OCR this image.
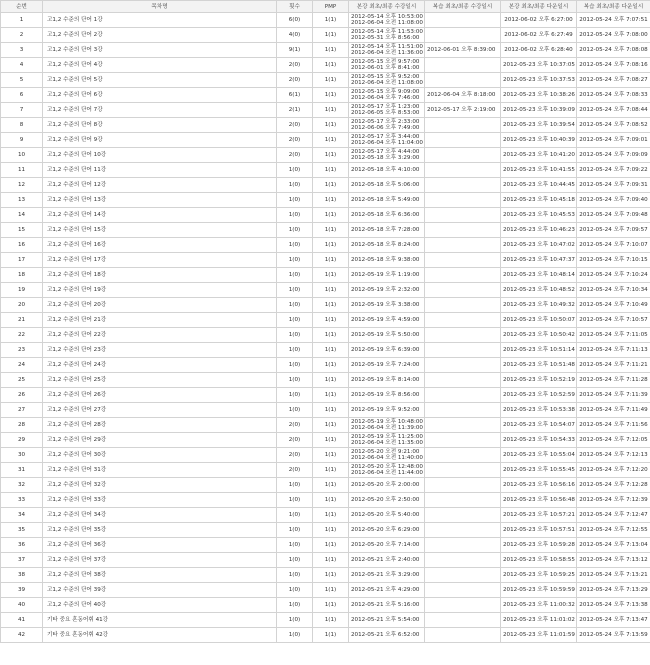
순번	목차명	횟수	PMP	본강 최초/최종 수강일시	복습 최초/최종 수강일시	본강 최초/최종 다운일시	복습 최초/최종 다운일시
1	고1,2 수준의 단어 1강	6(0)	1(1)	2012-05-14 오후 10:53:00
2012-06-04 오전 11:08:00		2012-06-02 오후 6:27:00	2012-05-24 오후 7:07:51
2	고1,2 수준의 단어 2강	4(0)	1(1)	2012-05-14 오후 11:53:00
2012-05-31 오후 8:56:00		2012-06-02 오후 6:27:49	2012-05-24 오후 7:08:00
3	고1,2 수준의 단어 3강	9(1)	1(1)	2012-05-14 오후 11:51:00
2012-06-04 오전 11:36:00	2012-06-01 오후 8:39:00	2012-06-02 오후 6:28:40	2012-05-24 오후 7:08:08
4	고1,2 수준의 단어 4강	2(0)	1(1)	2012-05-15 오전 9:57:00
2012-06-01 오후 8:41:00		2012-05-23 오후 10:37:05	2012-05-24 오후 7:08:16
5	고1,2 수준의 단어 5강	2(0)	1(1)	2012-05-15 오후 9:52:00
2012-06-04 오전 11:08:00		2012-05-23 오후 10:37:53	2012-05-24 오후 7:08:27
6	고1,2 수준의 단어 6강	6(1)	1(1)	2012-05-15 오후 9:09:00
2012-06-04 오후 7:46:00	2012-06-04 오후 8:18:00	2012-05-23 오후 10:38:26	2012-05-24 오후 7:08:33
7	고1,2 수준의 단어 7강	2(1)	1(1)	2012-05-17 오후 1:23:00
2012-06-05 오후 8:53:00	2012-05-17 오후 2:19:00	2012-05-23 오후 10:39:09	2012-05-24 오후 7:08:44
8	고1,2 수준의 단어 8강	2(0)	1(1)	2012-05-17 오후 2:33:00
2012-06-06 오후 7:49:00		2012-05-23 오후 10:39:54	2012-05-24 오후 7:08:52
9	고1,2 수준의 단어 9강	2(0)	1(1)	2012-05-17 오후 3:44:00
2012-06-04 오후 11:04:00		2012-05-23 오후 10:40:39	2012-05-24 오후 7:09:01
10	고1,2 수준의 단어 10강	2(0)	1(1)	2012-05-17 오후 4:44:00
2012-05-18 오후 3:29:00		2012-05-23 오후 10:41:20	2012-05-24 오후 7:09:09
11	고1,2 수준의 단어 11강	1(0)	1(1)	2012-05-18 오후 4:10:00		2012-05-23 오후 10:41:55	2012-05-24 오후 7:09:22
12	고1,2 수준의 단어 12강	1(0)	1(1)	2012-05-18 오후 5:06:00		2012-05-23 오후 10:44:45	2012-05-24 오후 7:09:31
13	고1,2 수준의 단어 13강	1(0)	1(1)	2012-05-18 오후 5:49:00		2012-05-23 오후 10:45:18	2012-05-24 오후 7:09:40
14	고1,2 수준의 단어 14강	1(0)	1(1)	2012-05-18 오후 6:36:00		2012-05-23 오후 10:45:53	2012-05-24 오후 7:09:48
15	고1,2 수준의 단어 15강	1(0)	1(1)	2012-05-18 오후 7:28:00		2012-05-23 오후 10:46:23	2012-05-24 오후 7:09:57
16	고1,2 수준의 단어 16강	1(0)	1(1)	2012-05-18 오후 8:24:00		2012-05-23 오후 10:47:02	2012-05-24 오후 7:10:07
17	고1,2 수준의 단어 17강	1(0)	1(1)	2012-05-18 오후 9:38:00		2012-05-23 오후 10:47:37	2012-05-24 오후 7:10:15
18	고1,2 수준의 단어 18강	1(0)	1(1)	2012-05-19 오후 1:19:00		2012-05-23 오후 10:48:14	2012-05-24 오후 7:10:24
19	고1,2 수준의 단어 19강	1(0)	1(1)	2012-05-19 오후 2:32:00		2012-05-23 오후 10:48:52	2012-05-24 오후 7:10:34
20	고1,2 수준의 단어 20강	1(0)	1(1)	2012-05-19 오후 3:38:00		2012-05-23 오후 10:49:32	2012-05-24 오후 7:10:49
21	고1,2 수준의 단어 21강	1(0)	1(1)	2012-05-19 오후 4:59:00		2012-05-23 오후 10:50:07	2012-05-24 오후 7:10:57
22	고1,2 수준의 단어 22강	1(0)	1(1)	2012-05-19 오후 5:50:00		2012-05-23 오후 10:50:42	2012-05-24 오후 7:11:05
23	고1,2 수준의 단어 23강	1(0)	1(1)	2012-05-19 오후 6:39:00		2012-05-23 오후 10:51:14	2012-05-24 오후 7:11:13
24	고1,2 수준의 단어 24강	1(0)	1(1)	2012-05-19 오후 7:24:00		2012-05-23 오후 10:51:48	2012-05-24 오후 7:11:21
25	고1,2 수준의 단어 25강	1(0)	1(1)	2012-05-19 오후 8:14:00		2012-05-23 오후 10:52:19	2012-05-24 오후 7:11:28
26	고1,2 수준의 단어 26강	1(0)	1(1)	2012-05-19 오후 8:56:00		2012-05-23 오후 10:52:59	2012-05-24 오후 7:11:39
27	고1,2 수준의 단어 27강	1(0)	1(1)	2012-05-19 오후 9:52:00		2012-05-23 오후 10:53:38	2012-05-24 오후 7:11:49
28	고1,2 수준의 단어 28강	2(0)	1(1)	2012-05-19 오후 10:48:00
2012-06-04 오전 11:39:00		2012-05-23 오후 10:54:07	2012-05-24 오후 7:11:56
29	고1,2 수준의 단어 29강	2(0)	1(1)	2012-05-19 오후 11:25:00
2012-06-04 오전 11:35:00		2012-05-23 오후 10:54:33	2012-05-24 오후 7:12:05
30	고1,2 수준의 단어 30강	2(0)	1(1)	2012-05-20 오전 9:21:00
2012-06-04 오전 11:40:00		2012-05-23 오후 10:55:04	2012-05-24 오후 7:12:13
31	고1,2 수준의 단어 31강	2(0)	1(1)	2012-05-20 오후 12:48:00
2012-06-04 오전 11:44:00		2012-05-23 오후 10:55:45	2012-05-24 오후 7:12:20
32	고1,2 수준의 단어 32강	1(0)	1(1)	2012-05-20 오후 2:00:00		2012-05-23 오후 10:56:16	2012-05-24 오후 7:12:28
33	고1,2 수준의 단어 33강	1(0)	1(1)	2012-05-20 오후 2:50:00		2012-05-23 오후 10:56:48	2012-05-24 오후 7:12:39
34	고1,2 수준의 단어 34강	1(0)	1(1)	2012-05-20 오후 5:40:00		2012-05-23 오후 10:57:21	2012-05-24 오후 7:12:47
35	고1,2 수준의 단어 35강	1(0)	1(1)	2012-05-20 오후 6:29:00		2012-05-23 오후 10:57:51	2012-05-24 오후 7:12:55
36	고1,2 수준의 단어 36강	1(0)	1(1)	2012-05-20 오후 7:14:00		2012-05-23 오후 10:59:28	2012-05-24 오후 7:13:04
37	고1,2 수준의 단어 37강	1(0)	1(1)	2012-05-21 오후 2:40:00		2012-05-23 오후 10:58:55	2012-05-24 오후 7:13:12
38	고1,2 수준의 단어 38강	1(0)	1(1)	2012-05-21 오후 3:29:00		2012-05-23 오후 10:59:25	2012-05-24 오후 7:13:21
39	고1,2 수준의 단어 39강	1(0)	1(1)	2012-05-21 오후 4:29:00		2012-05-23 오후 10:59:59	2012-05-24 오후 7:13:29
40	고1,2 수준의 단어 40강	1(0)	1(1)	2012-05-21 오후 5:16:00		2012-05-23 오후 11:00:32	2012-05-24 오후 7:13:38
41	기타 중요 혼동어휘 41강	1(0)	1(1)	2012-05-21 오후 5:54:00		2012-05-23 오후 11:01:02	2012-05-24 오후 7:13:47
42	기타 중요 혼동어휘 42강	1(0)	1(1)	2012-05-21 오후 6:52:00		2012-05-23 오후 11:01:59	2012-05-24 오후 7:13:59
